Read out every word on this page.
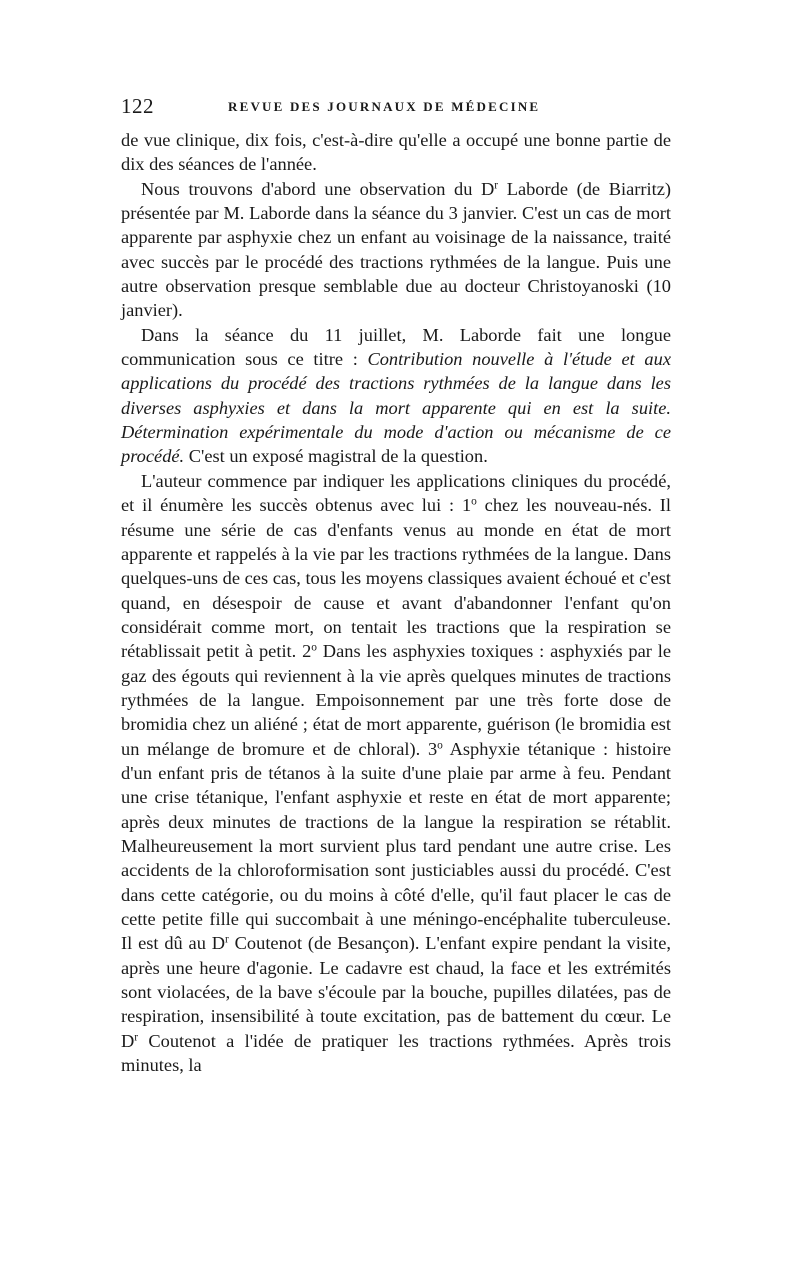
122	REVUE DES JOURNAUX DE MÉDECINE

de vue clinique, dix fois, c'est-à-dire qu'elle a occupé une bonne partie de dix des séances de l'année.

Nous trouvons d'abord une observation du $D^r$ Laborde (de Biarritz) présentée par M. Laborde dans la séance du 3 janvier. C'est un cas de mort apparente par asphyxie chez un enfant au voisinage de la naissance, traité avec succès par le procédé des tractions rythmées de la langue. Puis une autre observation presque semblable due au docteur Christoyanoski (10 janvier).

Dans la séance du 11 juillet, M. Laborde fait une longue communication sous ce titre : Contribution nouvelle à l'étude et aux applications du procédé des tractions rythmées de la langue dans les diverses asphyxies et dans la mort apparente qui en est la suite. Détermination expérimentale du mode d'action ou mécanisme de ce procédé. C'est un exposé magistral de la question.

L'auteur commence par indiquer les applications cliniques du procédé, et il énumère les succès obtenus avec lui : 1$^o$ chez les nouveau-nés. Il résume une série de cas d'enfants venus au monde en état de mort apparente et rappelés à la vie par les tractions rythmées de la langue. Dans quelques-uns de ces cas, tous les moyens classiques avaient échoué et c'est quand, en désespoir de cause et avant d'abandonner l'enfant qu'on considérait comme mort, on tentait les tractions que la respiration se rétablissait petit à petit. 2$^o$ Dans les asphyxies toxiques : asphyxiés par le gaz des égouts qui reviennent à la vie après quelques minutes de tractions rythmées de la langue. Empoisonnement par une très forte dose de bromidia chez un aliéné ; état de mort apparente, guérison (le bromidia est un mélange de bromure et de chloral). 3$^o$ Asphyxie tétanique : histoire d'un enfant pris de tétanos à la suite d'une plaie par arme à feu. Pendant une crise tétanique, l'enfant asphyxie et reste en état de mort apparente; après deux minutes de tractions de la langue la respiration se rétablit. Malheureusement la mort survient plus tard pendant une autre crise. Les accidents de la chloroformisation sont justiciables aussi du procédé. C'est dans cette catégorie, ou du moins à côté d'elle, qu'il faut placer le cas de cette petite fille qui succombait à une méningo-encéphalite tuberculeuse. Il est dû au $D^r$ Coutenot (de Besançon). L'enfant expire pendant la visite, après une heure d'agonie. Le cadavre est chaud, la face et les extrémités sont violacées, de la bave s'écoule par la bouche, pupilles dilatées, pas de respiration, insensibilité à toute excitation, pas de battement du cœur. Le $D^r$ Coutenot a l'idée de pratiquer les tractions rythmées. Après trois minutes, la
